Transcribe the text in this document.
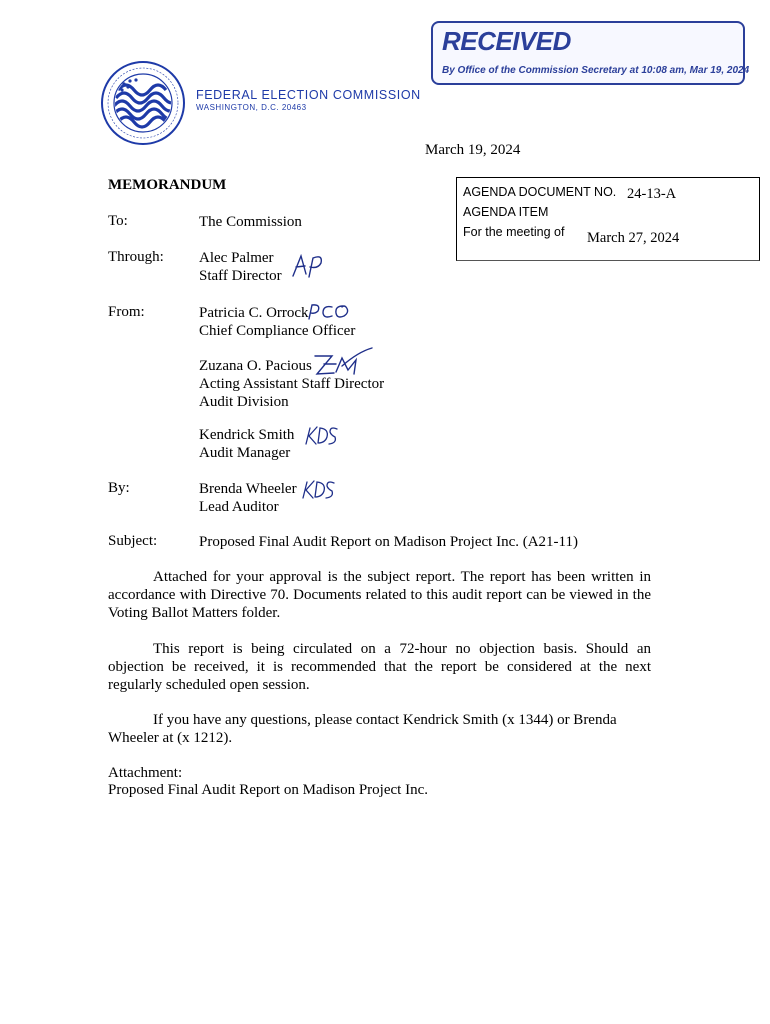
RECEIVED
By Office of the Commission Secretary at 10:08 am, Mar 19, 2024
FEDERAL ELECTION COMMISSION
WASHINGTON, D.C. 20463
March 19, 2024
MEMORANDUM	AGENDA DOCUMENT NO. 24-13-A
AGENDA ITEM
For the meeting of March 27, 2024
To:	The Commission
Through: Alec Palmer
Staff Director
From:	Patricia C. Orrock
Chief Compliance Officer
Zuzana O. Pacious
Acting Assistant Staff Director
Audit Division
Kendrick Smith
Audit Manager
By:	Brenda Wheeler
Lead Auditor
Subject:	Proposed Final Audit Report on Madison Project Inc. (A21-11)
Attached for your approval is the subject report. The report has been written in accordance with Directive 70. Documents related to this audit report can be viewed in the Voting Ballot Matters folder.
This report is being circulated on a 72-hour no objection basis. Should an objection be received, it is recommended that the report be considered at the next regularly scheduled open session.
If you have any questions, please contact Kendrick Smith (x 1344) or Brenda Wheeler at (x 1212).
Attachment:
Proposed Final Audit Report on Madison Project Inc.
